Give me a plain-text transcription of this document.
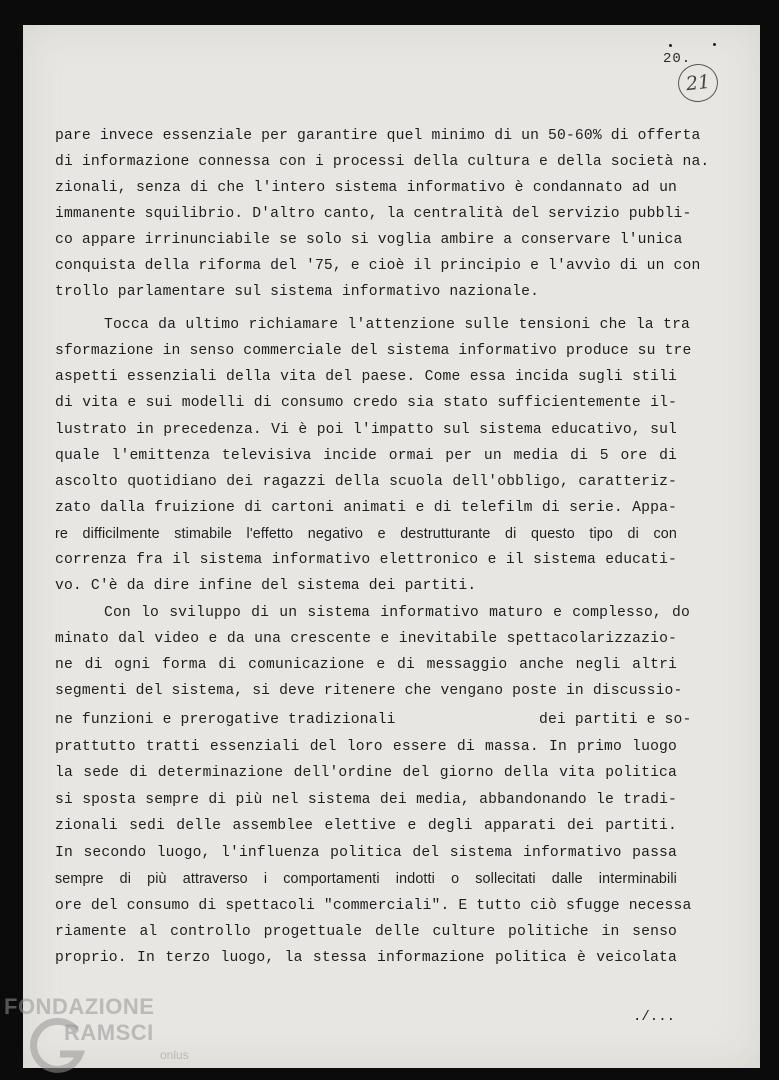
20.
21
pare invece essenziale per garantire quel minimo di un 50-60% di offerta
di informazione connessa con i processi della cultura e della società na.
zionali, senza di che l'intero sistema informativo è condannato ad un
immanente squilibrio. D'altro canto, la centralità del servizio pubbli-
co appare irrinunciabile se solo si voglia ambire a conservare l'unica
conquista della riforma del '75, e cioè il principio e l'avvìo di un con
trollo parlamentare sul sistema informativo nazionale.
Tocca da ultimo richiamare l'attenzione sulle tensioni che la tra
sformazione in senso commerciale del sistema informativo produce su tre
aspetti essenziali della vita del paese. Come essa incida sugli stili
di vita e sui modelli di consumo credo sia stato sufficientemente il-
lustrato in precedenza. Vi è poi l'impatto sul sistema educativo, sul
quale l'emittenza televisiva incide ormai per un media di 5 ore di
ascolto quotidiano dei ragazzi della scuola dell'obbligo, caratteriz-
zato dalla fruizione di cartoni animati e di telefilm di serie. Appa-
re difficilmente stimabile l'effetto negativo e destrutturante di questo tipo di con
correnza fra il sistema informativo elettronico e il sistema educati-
vo. C'è da dire infine del sistema dei partiti.
Con lo sviluppo di un sistema informativo maturo e complesso, do
minato dal video e da una crescente e inevitabile spettacolarizzazio-
ne di ogni forma di comunicazione e di messaggio anche negli altri
segmenti del sistema, si deve ritenere che vengano poste in discussio-
ne funzioni e prerogative tradizionali                dei partiti e so-
prattutto tratti essenziali del loro essere di massa. In primo luogo
la sede di determinazione dell'ordine del giorno della vita politica
si sposta sempre di più nel sistema dei media, abbandonando le tradi-
zionali sedi delle assemblee elettive e degli apparati dei partiti.
In secondo luogo, l'influenza politica del sistema informativo passa
sempre di più attraverso i comportamenti indotti o sollecitati dalle interminabili
ore del consumo di spettacoli "commerciali". E tutto ciò sfugge necessa
riamente al controllo progettuale delle culture politiche in senso
proprio. In terzo luogo, la stessa informazione politica è veicolata
./...
FONDAZIONE
RAMSCI
onlus
